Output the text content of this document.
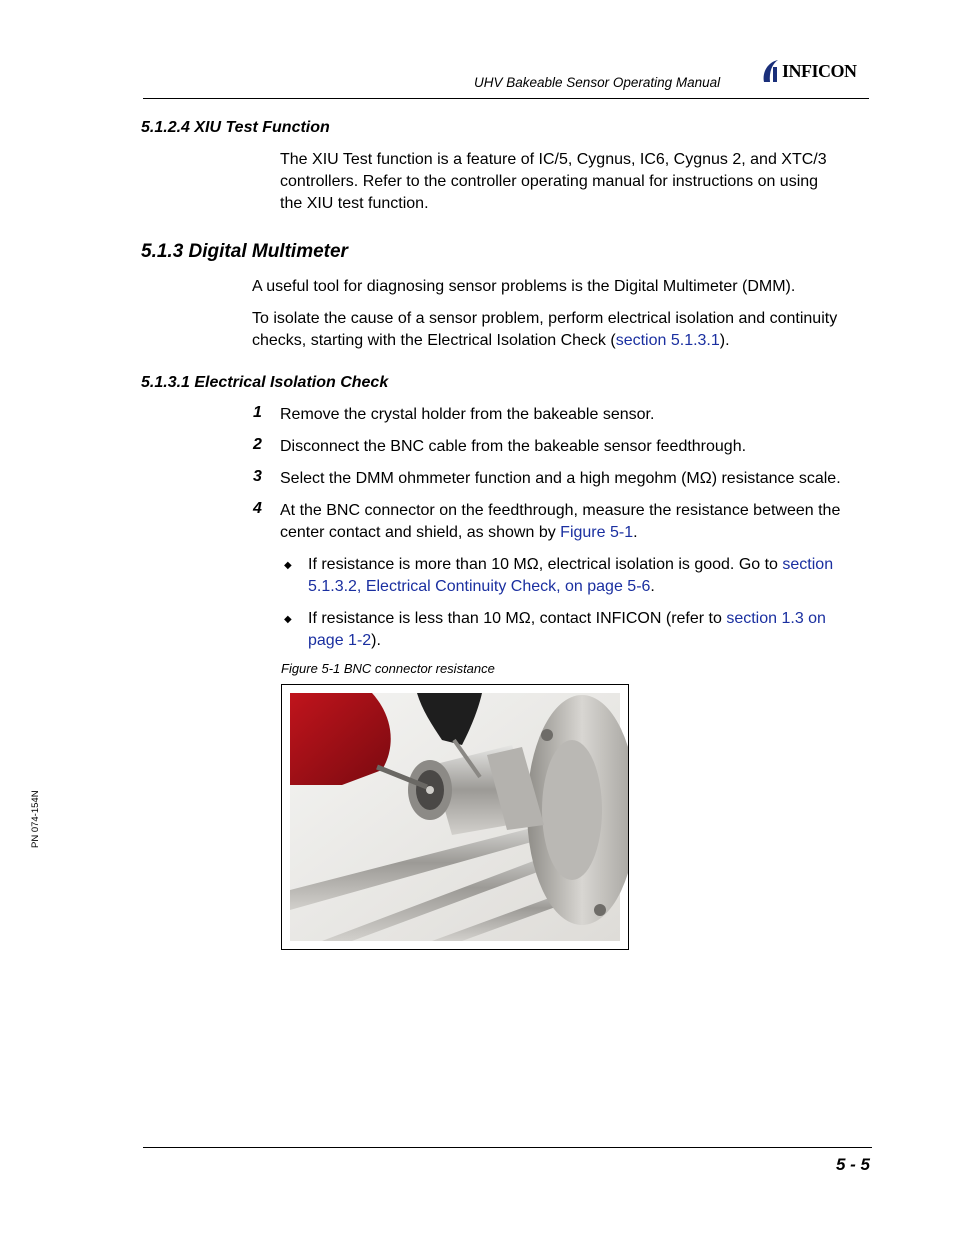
UHV Bakeable Sensor Operating Manual
INFICON
5.1.2.4 XIU Test Function
The XIU Test function is a feature of IC/5, Cygnus, IC6, Cygnus 2, and XTC/3
controllers. Refer to the controller operating manual for instructions on using
the XIU test function.
5.1.3 Digital Multimeter
A useful tool for diagnosing sensor problems is the Digital Multimeter (DMM).
To isolate the cause of a sensor problem, perform electrical isolation and continuity
checks, starting with the Electrical Isolation Check (section 5.1.3.1).
5.1.3.1 Electrical Isolation Check
1 Remove the crystal holder from the bakeable sensor.
2 Disconnect the BNC cable from the bakeable sensor feedthrough.
3 Select the DMM ohmmeter function and a high megohm (MΩ) resistance scale.
4 At the BNC connector on the feedthrough, measure the resistance between the
center contact and shield, as shown by Figure 5-1.
◆ If resistance is more than 10 MΩ, electrical isolation is good. Go to section
5.1.3.2, Electrical Continuity Check, on page 5-6.
◆ If resistance is less than 10 MΩ, contact INFICON (refer to section 1.3 on
page 1-2).
Figure 5-1 BNC connector resistance
PN 074-154N
5 - 5
